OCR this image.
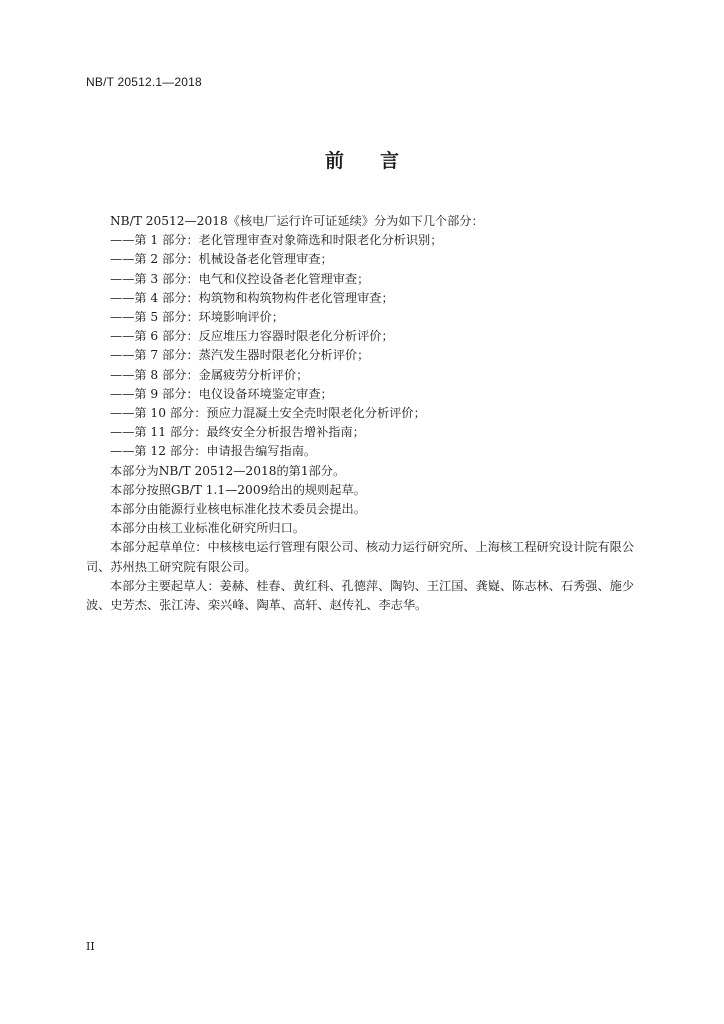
NB/T 20512.1—2018
前 言

NB/T 20512—2018《核电厂运行许可证延续》分为如下几个部分：

——第 1 部分：老化管理审查对象筛选和时限老化分析识别；

——第 2 部分：机械设备老化管理审查；

——第 3 部分：电气和仪控设备老化管理审查；

——第 4 部分：构筑物和构筑物构件老化管理审查；

——第 5 部分：环境影响评价；

——第 6 部分：反应堆压力容器时限老化分析评价；

——第 7 部分：蒸汽发生器时限老化分析评价；

——第 8 部分：金属疲劳分析评价；

——第 9 部分：电仪设备环境鉴定审查；

——第 10 部分：预应力混凝土安全壳时限老化分析评价；

——第 11 部分：最终安全分析报告增补指南；

——第 12 部分：申请报告编写指南。

本部分为NB/T 20512—2018的第1部分。

本部分按照GB/T 1.1—2009给出的规则起草。

本部分由能源行业核电标准化技术委员会提出。

本部分由核工业标准化研究所归口。

本部分起草单位：中核核电运行管理有限公司、核动力运行研究所、上海核工程研究设计院有限公司、苏州热工研究院有限公司。

本部分主要起草人：姜赫、桂春、黄红科、孔德萍、陶钧、王江国、龚嶷、陈志林、石秀强、施少波、史芳杰、张江涛、栾兴峰、陶革、高轩、赵传礼、李志华。

II
